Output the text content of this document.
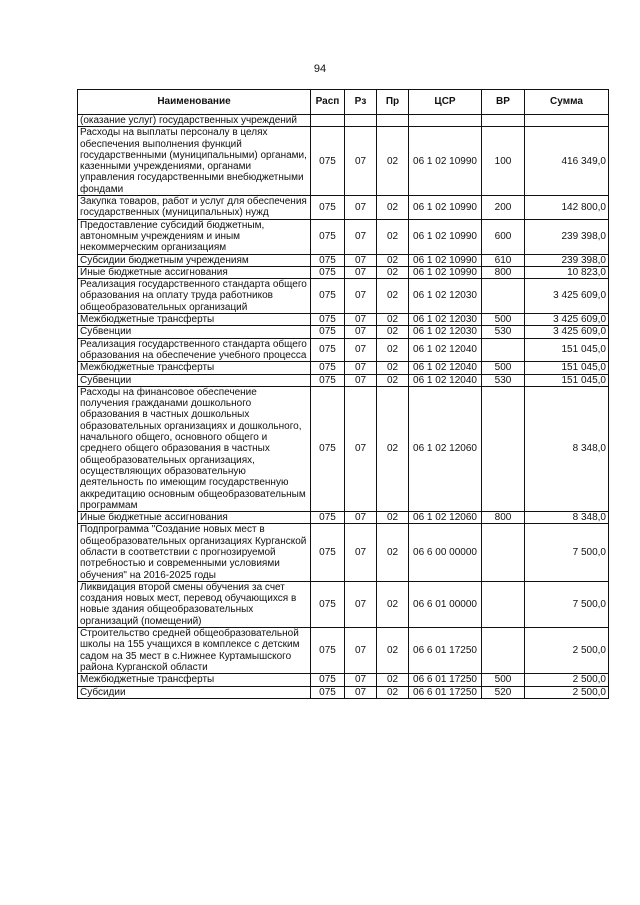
94
Наименование	Расп	Рз	Пр	ЦСР	ВР	Сумма
(оказание услуг) государственных учреждений						
Расходы на выплаты персоналу в целях обеспечения выполнения функций государственными (муниципальными) органами, казенными учреждениями, органами управления государственными внебюджетными фондами	075	07	02	06 1 02 10990	100	416 349,0
Закупка товаров, работ и услуг для обеспечения государственных (муниципальных) нужд	075	07	02	06 1 02 10990	200	142 800,0
Предоставление субсидий бюджетным, автономным учреждениям и иным некоммерческим организациям	075	07	02	06 1 02 10990	600	239 398,0
Субсидии бюджетным учреждениям	075	07	02	06 1 02 10990	610	239 398,0
Иные бюджетные ассигнования	075	07	02	06 1 02 10990	800	10 823,0
Реализация государственного стандарта общего образования на оплату труда работников общеобразовательных организаций	075	07	02	06 1 02 12030		3 425 609,0
Межбюджетные трансферты	075	07	02	06 1 02 12030	500	3 425 609,0
Субвенции	075	07	02	06 1 02 12030	530	3 425 609,0
Реализация государственного стандарта общего образования на обеспечение учебного процесса	075	07	02	06 1 02 12040		151 045,0
Межбюджетные трансферты	075	07	02	06 1 02 12040	500	151 045,0
Субвенции	075	07	02	06 1 02 12040	530	151 045,0
Расходы на финансовое обеспечение получения гражданами дошкольного образования в частных дошкольных образовательных организациях и дошкольного, начального общего, основного общего и среднего общего образования в частных общеобразовательных организациях, осуществляющих образовательную деятельность по имеющим государственную аккредитацию основным общеобразовательным программам	075	07	02	06 1 02 12060		8 348,0
Иные бюджетные ассигнования	075	07	02	06 1 02 12060	800	8 348,0
Подпрограмма "Создание новых мест в общеобразовательных организациях Курганской области в соответствии с прогнозируемой потребностью и современными условиями обучения" на 2016-2025 годы	075	07	02	06 6 00 00000		7 500,0
Ликвидация второй смены обучения за счет создания новых мест, перевод обучающихся в новые здания общеобразовательных организаций (помещений)	075	07	02	06 6 01 00000		7 500,0
Строительство средней общеобразовательной школы на 155 учащихся в комплексе с детским садом на 35 мест в с.Нижнее Куртамышского района Курганской области	075	07	02	06 6 01 17250		2 500,0
Межбюджетные трансферты	075	07	02	06 6 01 17250	500	2 500,0
Субсидии	075	07	02	06 6 01 17250	520	2 500,0
